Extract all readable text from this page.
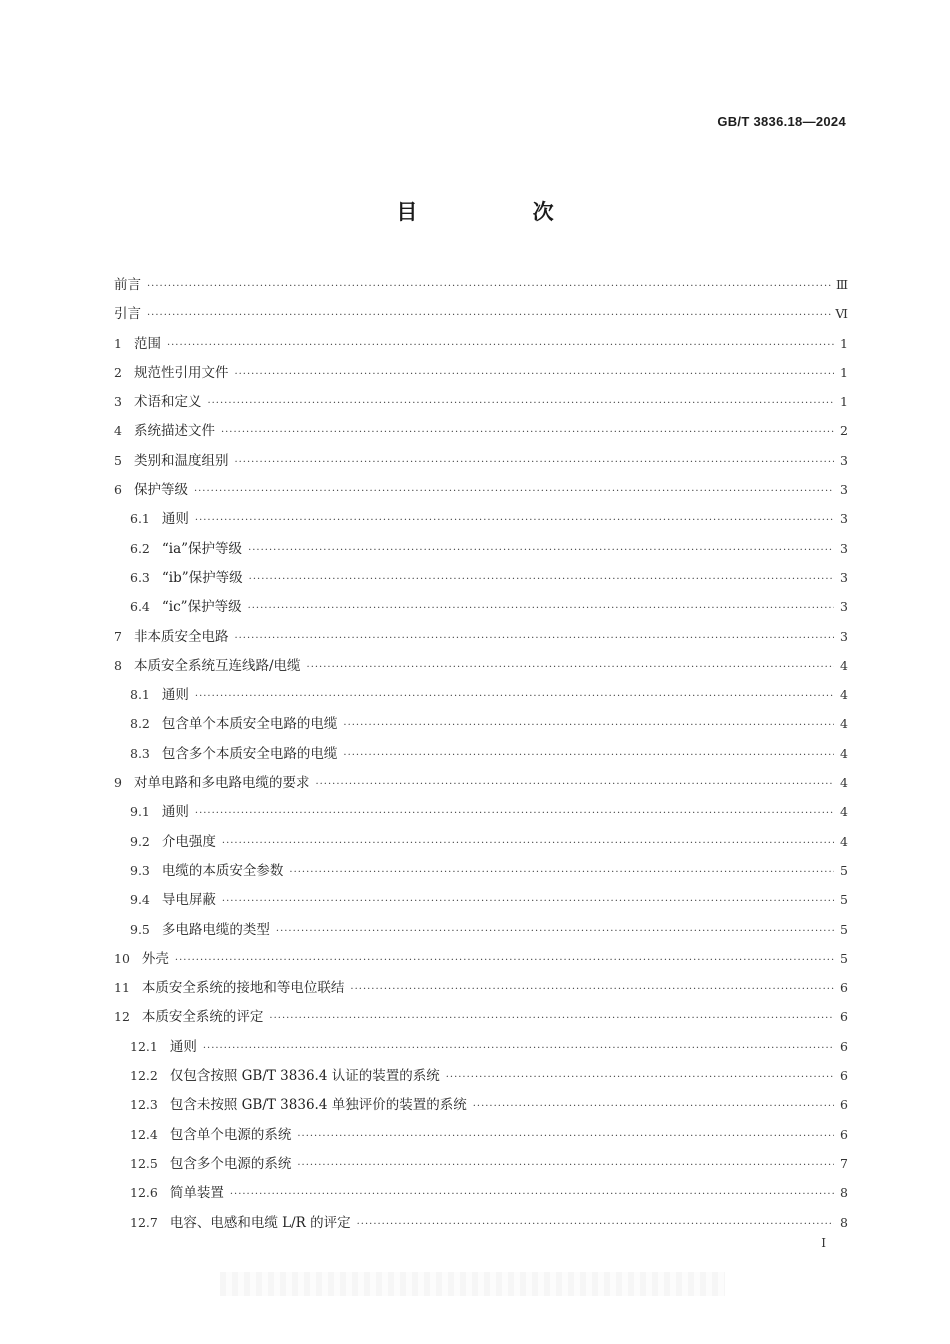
GB/T 3836.18—2024
目 次
前言 ·····	Ⅲ
引言 ·····	Ⅵ
1 范围 ·····	1
2 规范性引用文件 ·····	1
3 术语和定义 ·····	1
4 系统描述文件 ·····	2
5 类别和温度组别 ·····	3
6 保护等级 ·····	3
6.1 通则 ·····	3
6.2 “ia”保护等级 ·····	3
6.3 “ib”保护等级 ·····	3
6.4 “ic”保护等级 ·····	3
7 非本质安全电路 ·····	3
8 本质安全系统互连线路/电缆 ·····	4
8.1 通则 ·····	4
8.2 包含单个本质安全电路的电缆 ·····	4
8.3 包含多个本质安全电路的电缆 ·····	4
9 对单电路和多电路电缆的要求 ·····	4
9.1 通则 ·····	4
9.2 介电强度 ·····	4
9.3 电缆的本质安全参数 ·····	5
9.4 导电屏蔽 ·····	5
9.5 多电路电缆的类型 ·····	5
10 外壳 ·····	5
11 本质安全系统的接地和等电位联结 ·····	6
12 本质安全系统的评定 ·····	6
12.1 通则 ·····	6
12.2 仅包含按照 GB/T 3836.4 认证的装置的系统 ·····	6
12.3 包含未按照 GB/T 3836.4 单独评价的装置的系统 ·····	6
12.4 包含单个电源的系统 ·····	6
12.5 包含多个电源的系统 ·····	7
12.6 简单装置 ·····	8
12.7 电容、电感和电缆 L/R 的评定 ·····	8
I
